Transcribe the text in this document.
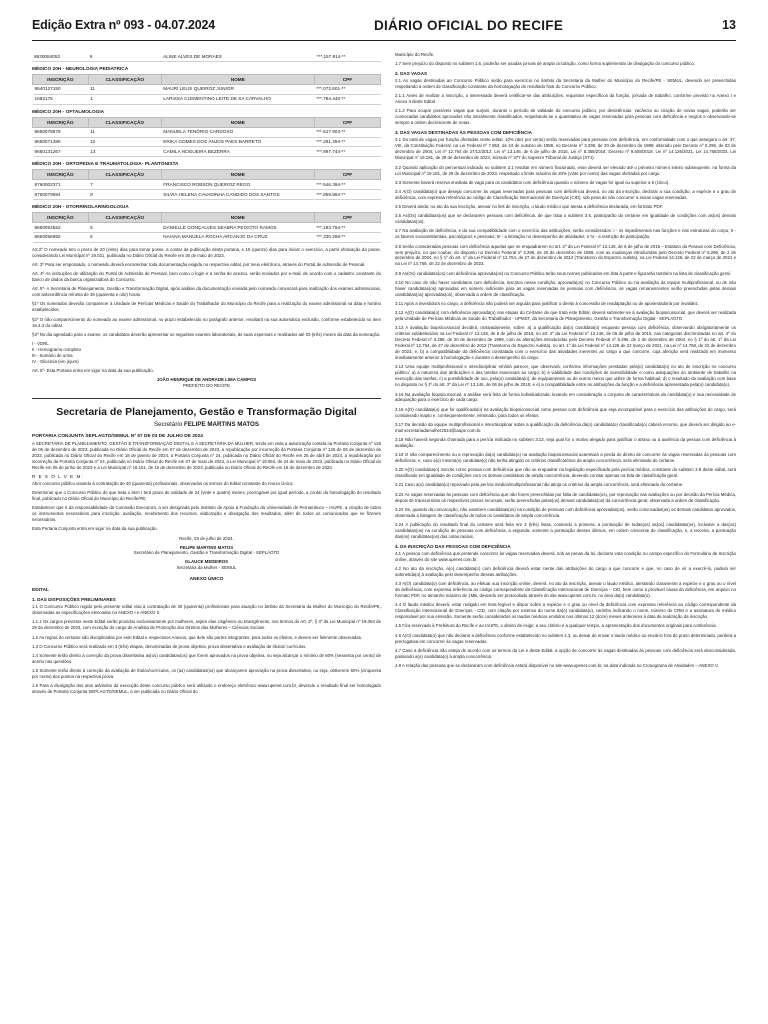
Edição Extra nº 093 - 04.07.2024	DIÁRIO OFICIAL DO RECIFE	13
8630084052	6	ALINE ALVES DE MORAES	***.157.914-**
MÉDICO 20H - NEUROLOGIA PEDIATRICA
INSCRIÇÃO	CLASSIFICAÇÃO	NOME	CPF
8640127150	11	MAURI LELIS QUEIROZ JUNIOR	***.072.601-**
1682175	1	LARISSA CLEMENTINO LEITE DE SA CARVALHO	***.784.440-**
MÉDICO 20H - OFTALMOLOGIA
INSCRIÇÃO	CLASSIFICAÇÃO	NOME	CPF
8650078678	11	MANUELA TENÓRIO CARDOSO	***.617.904-**
8650071386	12	ERIKA GOMES DOS ANJOS PAES BARRETO	***.281.394-**
8650131267	13	CAMILA NOGUEIRA BEZERRA	***.997.744-**
MÉDICO 20H - ORTOPEDIA E TRAUMATOLOGIA- PLANTONISTA
INSCRIÇÃO	CLASSIFICAÇÃO	NOME	CPF
8760002371	7	FRANCISCO ROBSON QUEIROZ REGO	***.546.394-**
8760079994	8	SILVIA HELENA CAVADINHA CANDIDO DOS SANTOS	***.859.884-**
MÉDICO 20H - OTORRINOLARINGOLOGIA
INSCRIÇÃO	CLASSIFICAÇÃO	NOME	CPF
8660054552	5	DANIELLE GONÇALVES SEABRA PEIXOTO RAMOS	***.183.764-**
8660056992	6	NAIANA MANUELA ROCHA ARCANJO DA CRUZ	***.330.285-**

Art.2º O nomeado tem o prazo de 20 (vinte) dias para tomar posse, a contar da publicação desta portaria, e 15 (quinze) dias para iniciar o exercício, a partir efetivação da posse, considerando Lei Municipal nº 19.021, publicada no Diário Oficial do Recife em 30 de maio de 2023.

Art. 3º Para ser empossado, o nomeado deverá encaminhar toda documentação exigida no respectivo edital, por meio eletrônico, através do Portal de Admissão de Pessoal.

Art. 4º As instruções de utilização do Portal de Admissão de Pessoal, bem como o login e a senha de acesso, serão enviados por e-mail, de acordo com o cadastro constante do banco de dados da banca organizadora do Concurso.

Art. 5º- A Secretaria de Planejamento, Gestão e Transformação Digital, após análise da documentação enviada pelo nomeado convocará para realização dos exames admissionais, com antecedência mínima de 48 (quarenta e oito) horas.

§1º Os nomeados deverão comparecer à Unidade de Perícias Médicas e Saúde do Trabalhador do Município do Recife para a realização do exame admissional na data e horário estabelecidos.

§2º O não comparecimento do nomeado ao exame admissional, no prazo estabelecido no parágrafo anterior, resultará na sua automática exclusão, conforme estabelecido no item 18.4.3 do edital.

§3º No dia agendado para o exame, os candidatos deverão apresentar os seguintes exames laboratoriais, às suas expensas e realizados até 03 (três) meses da data da nomeação:

I - VDRL
II - Hemograma completo
III - Sumário de urina
IV - Glicemia (em jejum)

Art. 6º- Esta Portaria entra em vigor na data da sua publicação.

JOÃO HENRIQUE DE ANDRADE LIMA CAMPOS
PREFEITO DO RECIFE
Secretaria de Planejamento, Gestão e Transformação Digital
Secretário FELIPE MARTINS MATOS
PORTARIA CONJUNTA SEPLAGTD/SEMUL Nº 57 DE 03 DE JULHO DE 2024

A SECRETÁRIA DE PLANEJAMENTO, GESTÃO E TRANSFORMAÇÃO DIGITAL E A SECRETÁRIA DA MULHER, tendo em vista a autorização contida na Portaria Conjunta nº 126 de 06 de dezembro de 2023, publicada no Diário Oficial do Recife em 07 de dezembro de 2023, a republicação por incorreção da Portaria Conjunta nº 126 de 06 de dezembro de 2023, publicada no Diário Oficial do Recife em 18 de janeiro de 2024, a Portaria Conjunta nº 24, publicada no Diário Oficial do Recife em 25 de abril de 2024, a republicação por incorreção da Portaria Conjunta nº 24, publicada no Diário Oficial do Recife em 07 de maio de 2024, a Lei Municipal nº 19.054, de 24 de maio de 2023, publicada no Diário Oficial do Recife em 05 de junho de 2023 e a Lei Municipal nº 19.151, de 15 de dezembro de 2023, publicada no Diário Oficial do Recife em 18 de dezembro de 2023.

R E S O L V E M:

Abrir concurso público visando à contratação de 40 (quarenta) profissionais, observados os termos do Edital constante do Anexo Único;

Determinar que o Concurso Público de que trata o item I terá prazo de validade de 24 (vinte e quatro) meses, prorrogável por igual período, a contar da homologação do resultado final, publicado no Diário Oficial do Município do Recife/PE;

Estabelecer que é da responsabilidade da Comissão Executora, a ser designada pelo Instituto de Apoio à Fundação da Universidade de Pernambuco – IAUPE, a criação de todos os instrumentos necessários para inscrição, avaliação, recebimento dos recursos, elaboração e divulgação dos resultados, além de todos os comunicados que se fizerem necessários.

Esta Portaria Conjunta entra em vigor na data da sua publicação.

Recife, 03 de julho de 2024.
FELIPE MARTINS MATOS
Secretário de Planejamento, Gestão e Transformação Digital - SEPLAGTD
GLAUCE MEDEIROS
Secretária da Mulher - SEMUL
ANEXO ÚNICO
EDITAL
1. DAS DISPOSIÇÕES PRELIMINARES

1.1 O Concurso Público regido pelo presente edital visa à contratação de 40 (quarenta) profissionais para atuação no âmbito da Secretaria da Mulher do Município do Recife/PE, observadas as especificações elencadas no ANEXO I e ANEXO II.

1.1.1 Os cargos previstos neste Edital serão providos exclusivamente por mulheres, sejam elas cisgênero ou transgêneras, nos termos do Art. 2º, § 3º da Lei Municipal nº 19.064 de 29 de dezembro de 2023, com exceção do cargo de Analista de Promoção dos Direitos das Mulheres – Ciências Sociais.

1.2 As regras do certame são disciplinadas por este Edital e respectivos Anexos, que dele são partes integrantes, para todos os efeitos, e devem ser fielmente observadas.

1.3 O Concurso Público será realizado em 3 (três) etapas, denominadas de prova objetiva, prova dissertativa e avaliação de títulos/ currículos.

1.4 Somente terão direito à correção da prova dissertativa as(os) candidatas(os) que forem aprovados na prova objetiva, ou seja alcançar o mínimo de 60% (sessenta por cento) de acerto nas questões.

1.5 Somente terão direito à correção da avaliação de títulos/currículos, os (as) candidatas(os) que alcançarem aprovação na prova dissertativa, ou seja, obtiverem 50% (cinquenta por cento) dos pontos na respectiva prova.

1.6 Para a divulgação dos atos advindos da execução deste concurso público será utilizado o endereço eletrônico www.upenet.com.br, devendo o resultado final ser homologado através de Portaria Conjunta SEPLAGTD/SEMUL, a ser publicada no Diário Oficial do

Município do Recife.

1.7 Sem prejuízo do disposto no subitem 1.6, poderão ser usadas jornais de ampla circulação, como forma suplementar de divulgação do concurso público.

2. DAS VAGAS

2.1 As vagas destinadas ao Concurso Público serão para exercício no âmbito da Secretaria da Mulher do Município do Recife/PE - SEMUL, devendo ser preenchidas respeitando a ordem de classificação constante da homologação do resultado final do Concurso Público.

2.1.1 Antes de realizar a inscrição, o interessado deverá certificar-se das atribuições, requisitos específicos da função, jornada de trabalho, conforme previsto no Anexo I e Anexo II deste Edital.

2.1.2 Para ocupar possíveis vagas que surjam, durante o período de validade do concurso público, por desistências, vacância ou criação de novas vagas, poderão ser convocadas candidatos aprovados não inicialmente classificados, respeitando-se o quantitativo de vagas reservadas para pessoas com deficiência e negros e observando-se sempre a ordem decrescente de notas.

3. DAS VAGAS DESTINADAS ÀS PESSOAS COM DEFICIÊNCIA

3.1 Do total de vagas por função ofertadas neste edital, 10% (dez por cento) serão reservadas para pessoas com deficiência, em conformidade com o que assegura o art. 37, VIII, da Constituição Federal, na Lei Federal nº 7.853, de 24 de outubro de 1989, no Decreto nº 3.298, de 20 de dezembro de 1999, alterado pelo Decreto nº 5.296, de 02 de dezembro de 2004, Lei nº 12.764 de 27/12/2012, Lei nº 13.146, de 6 de julho de 2015, Lei nº 8.368/2018, Decreto nº 9.508/2018, Lei nº 14.126/2021, Lei 14.768/2023, Lei Municipal nº 19.181, de 29 de dezembro de 2023, Súmula nº 377 do Superior Tribunal de Justiça (STJ).

3.2 Quando aplicação do percentual indicado no subitem 3.1 resultar em número fracionado, esse deverá ser elevado até o primeiro número inteiro subsequente, na forma da Lei Municipal nº 19.181, de 29 de dezembro de 2023, respeitado o limite máximo de 20% (vinte por cento) das vagas ofertadas por cargo.

3.3 Somente haverá reserva imediata de vaga para os candidatos com deficiência quando o número de vagas for igual ou superior a 5 (cinco).

3.4 A(O) candidata(o) que desejar concorrer às vagas reservadas para pessoas com deficiência deverá, no ato da inscrição, declarar a sua condição, a espécie e o grau de deficiência, com expressa referência ao código de Classificação Internacional de Doenças (CID), sob pena de não concorrer a essas vagas reservadas.

3.5 Deverá ainda, no ato da sua inscrição, anexar no link de inscrição, o laudo médico que atesta a deficiência declarada, em formato PDF.

3.6 As(Os) candidatas(os) que se declararem pessoas com deficiência, de que trata o subitem 3.5, participarão do certame em igualdade de condições com as(os) demais candidatas(os).

3.7 Na avaliação de deficiência, e da sua compatibilidade com o exercício das atribuições, serão considerados: I - os impedimentos nas funções e nas estruturas do corpo; II - os fatores socioambientais, psicológicos e pessoais; III - a limitação no desempenho de atividades; e IV - a restrição de participação.

3.8 Serão consideradas pessoas com deficiência aquelas que se enquadrarem no art. 2º da Lei Federal nº 13.146, de 6 de julho de 2015 – Estatuto da Pessoa com Deficiência, sem prejuízo, no que couber, do disposto no Decreto Federal nº 3.298, de 20 de dezembro de 1999, com as mudanças introduzidas pelo Decreto Federal nº 5.296, de 2 de dezembro de 2004, no § 1º do art. 1º da Lei Federal nº 12.764, de 27 de dezembro de 2012 (Transtorno do Espectro Autista), na Lei Federal 14.126, de 22 de março de 2021 e na Lei nº 14.768, de 22 de dezembro de 2023.

3.9 As(Os) candidatas(os) com deficiência aprovada(os) no Concurso Público terão seus nomes publicados em lista à parte e figurarão também na lista de classificação geral.

3.10 No caso de não haver candidatos com deficiência, inscritos nesse condição, aprovada(os) no Concurso Público ou na avaliação da equipe multiprofissional, ou de não haver candidatas(os) aprovadas em número suficiente para as vagas reservadas às pessoas com deficiência, as vagas remanescentes serão preenchidas pelas demais candidatas(os) aprovadas(os), observada a ordem de classificação.

3.11 Após a investidura no cargo, a deficiência não poderá ser arguida para justificar o direito à concessão de readaptação ou de aposentadoria por invalidez.

3.12 A(O) candidata(o) com deficiência aprovada(o) nas etapas do Certame de que trata este Edital, deverá submeter-se à avaliação biopsicossocial, que deverá ser realizada pela Unidade de Perícias Médicas de Saúde do Trabalhador - UPMST, da Secretaria de Planejamento, Gestão e Transformação Digital - SEPLAGTD.

3.13 A avaliação biopsicossocial decidirá, motivadamente, sobre: a) a qualificação da(o) candidata(o) enquanto pessoa com deficiência, observando obrigatoriamente os critérios estabelecidos na Lei Federal nº 13.146, de 6 de julho de 2015, no art. 2º da Lei Federal nº 13.146, de 06 de julho de 2015, nas categorias discriminadas no art. 4º do Decreto Federal nº 3.298, de 20 de dezembro de 1999, com as alterações introduzidas pelo Decreto Federal nº 5.296, de 2 de dezembro de 2004, no § 1º do art. 1º da Lei Federal nº 12.764, de 27 de dezembro de 2012 (Transtorno do Espectro Autista), no art. 1º da Lei Federal nº 14.126 de 22 março de 2021, na Lei nº 14.768, de 22 de dezembro de 2023, e, b) a compatibilidade da deficiência constatada com o exercício das atividades inerentes ao cargo a que concorre, cuja aferição será realizada em momento imediatamente anterior à homologação e durante o desempenho do cargo.

3.14 Uma equipe multiprofissional e interdisciplinar emitirá parecer, que observará, conforme informações prestadas pela(o) candidata(o) no ato de inscrição no concurso público: a) a natureza das atribuições e das tarefas essenciais ao cargo; b) a viabilidade das condições de acessibilidade e como adequações do ambiente de trabalho na execução das tarefas; c) a possibilidade de uso, pela(o) candidata(o), de equipamentos ou de outros meios que utilize de forma habitual; d) o resultado da avaliação com base no disposto no § 1º do art. 2º da Lei nº 13.146, de 06 de julho de 2015; e e) a compatibilidade entre as atribuições da função e a deficiência apresentada pela(o) candidata(o).

3.15 Na avaliação biopsicossocial, a análise será feita de forma individualizada, levando em consideração o conjunto de características da candidata(o) e sua necessidade de adequação para o exercício de cada cargo.

3.16 A(O) candidata(o) que for qualificada(o) na avaliação biopsicossocial como pessoa com deficiência que seja incompatível para o exercício das atribuições do cargo, será considerado inapto e, consequentemente, eliminado, para todos os efeitos.

3.17 Da decisão da equipe multiprofissional e interdisciplinar sobre a qualificação da deficiência da(o) candidata(o) classificada(o) caberá recurso, que deverá ser dirigido ao e-mail secretariadamulher2024@iaupe.com.br.

3.18 Não haverá segunda chamada para a perícia indicada no subitem 3.12, seja qual for o motivo alegado para justificar o atraso ou a ausência da pessoa com deficiência à avaliação.

3.19 O não comparecimento ou a reprovação da(o) candidata(o) na avaliação biopsicossocial acarretará a perda do direito de concorrer às vagas reservadas às pessoas com deficiência; e, caso a(o) mesma(o) candidata(o) não tenha atingido os critérios classificatórios da ampla concorrência, será eliminado do certame.

3.20 A(O) candidata(o) inscrito como pessoa com deficiência que não se enquadrar na legislação especificada pela perícia médica, constante do subitem 3.8 deste edital, será classificado em igualdade de condições com os demais candidatos de ampla concorrência, devendo constar apenas na lista de classificação geral.

3.21 Caso a(o) candidata(o) reprovado pela perícia médica/multiprofissional não atinja os critérios da ampla concorrência, será eliminado do certame.

3.22 As vagas reservadas às pessoas com deficiência que não forem preenchidas por falta de candidatas(os), por reprovação nas avaliações ou por decisão da Perícia Médica, depois de transcorridos os respectivos prazos recursais, serão preenchidas pelas(os) demais candidatas(os) da concorrência geral, observada a ordem de classificação.

3.23 Se, quando da convocação, não existirem candidatas(os) na condição de pessoas com deficiência aprovadas(os), serão convocadas(os) os demais candidatos aprovados, observada a listagem de classificação de todos os candidatos de ampla concorrência.

3.24 A publicação do resultado final do certame será feita em 3 (três) listas, contendo a primeira, a pontuação de todas(os) as(os) candidatas(os), inclusive a das(os) candidatas(os) na condição de pessoas com deficiência, a segunda, somente a pontuação desses últimos, em ordem crescente de classificação, e, a terceira, a pontuação das(os) candidatas(os) das cotas raciais.

4. DA INSCRIÇÃO DAS PESSOAS COM DEFICIÊNCIA

4.1 A pessoa com deficiência que pretende concorrer às vagas reservadas deverá, sob as penas da lei, declarar esta condição no campo específico do Formulário de Inscrição online, através do site www.upenet.com.br.

4.2 No ato da inscrição, a(o) candidata(o) com deficiência deverá estar ciente das atribuições do cargo a que concorre e que, no caso de vir a exercê-lo, poderá ser submetida(o) à avaliação pelo desempenho dessas atribuições.

4.3 A(O) candidata(o) com deficiência, ao efetuar sua inscrição online, deverá, no ato da inscrição, anexar o laudo médico, atestando claramente a espécie e o grau ou o nível da deficiência, com expressa referência ao código correspondente da Classificação Internacional de Doenças – CID, bem como a provável causa da deficiência, em arquivo no formato PDF, no tamanho máximo de 1MB, devendo ser protocolado através do site www.upenet.com.br, no área da(o) candidata(o).

4.4 O laudo médico deverá, estar redigido em letra legível e dispor sobre a espécie e o grau ou nível da deficiência com expressa referência ao código correspondente da Classificação Internacional de Doenças - CID, com citação por extenso do nome da(o) candidata(o), carimbo indicando o nome, número do CRM e a assinatura do médico responsável por sua emissão. Somente serão considerados os laudos médicos emitidos nos últimos 12 (doze) meses anteriores à data da realização da inscrição.

4.5 Fica reservado à Prefeitura do Recife e ao IAUPE, o direito de exigir, a seu critério e a qualquer tempo, a apresentação dos documentos originais para conferência.

4.6 A(O) candidata(o) que não declarar a deficiência conforme estabelecido no subitem 4.3, ou deixar de enviar o laudo médico ou enviá-lo fora do prazo determinado, perderá a prerrogativa em concorrer às vagas reservadas.

4.7 Caso a deficiência não esteja de acordo com os termos da Lei e deste Edital, a opção de concorrer às vagas destinadas às pessoas com deficiência será desconsiderada, passando a(o) candidata(o) à ampla concorrência.

4.8 A relação das pessoas que se declararam com deficiência estará disponível no site www.upenet.com.br, na data indicada no Cronograma de Atividades – ANEXO V.
